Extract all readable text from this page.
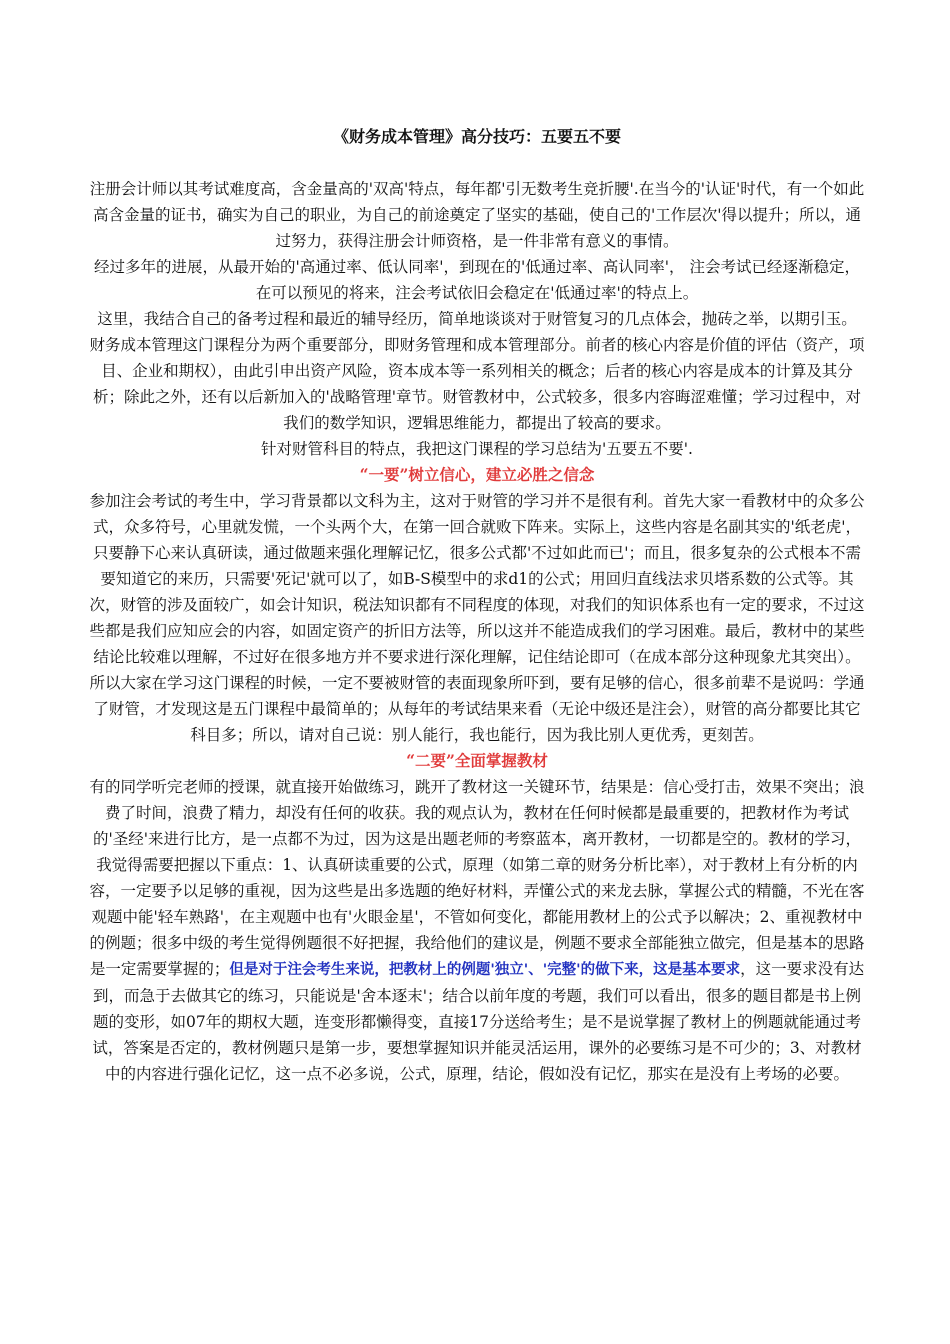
《财务成本管理》高分技巧：五要五不要

注册会计师以其考试难度高，含金量高的'双高'特点，每年都'引无数考生竞折腰'.在当今的'认证'时代，有一个如此高含金量的证书，确实为自己的职业，为自己的前途奠定了坚实的基础，使自己的'工作层次'得以提升；所以，通过努力，获得注册会计师资格，是一件非常有意义的事情。

经过多年的进展，从最开始的'高通过率、低认同率'，到现在的'低通过率、高认同率'， 注会考试已经逐渐稳定，在可以预见的将来，注会考试依旧会稳定在'低通过率'的特点上。

这里，我结合自己的备考过程和最近的辅导经历，简单地谈谈对于财管复习的几点体会，抛砖之举，以期引玉。

财务成本管理这门课程分为两个重要部分，即财务管理和成本管理部分。前者的核心内容是价值的评估（资产，项目、企业和期权），由此引申出资产风险，资本成本等一系列相关的概念；后者的核心内容是成本的计算及其分析；除此之外，还有以后新加入的'战略管理'章节。财管教材中，公式较多，很多内容晦涩难懂；学习过程中，对我们的数学知识，逻辑思维能力，都提出了较高的要求。

针对财管科目的特点，我把这门课程的学习总结为'五要五不要'.

“一要”树立信心，建立必胜之信念

参加注会考试的考生中，学习背景都以文科为主，这对于财管的学习并不是很有利。首先大家一看教材中的众多公式，众多符号，心里就发慌，一个头两个大，在第一回合就败下阵来。实际上，这些内容是名副其实的'纸老虎'，只要静下心来认真研读，通过做题来强化理解记忆，很多公式都'不过如此而已'；而且，很多复杂的公式根本不需要知道它的来历，只需要'死记'就可以了，如B-S模型中的求d1的公式；用回归直线法求贝塔系数的公式等。其次，财管的涉及面较广，如会计知识，税法知识都有不同程度的体现，对我们的知识体系也有一定的要求，不过这些都是我们应知应会的内容，如固定资产的折旧方法等，所以这并不能造成我们的学习困难。最后，教材中的某些结论比较难以理解，不过好在很多地方并不要求进行深化理解，记住结论即可（在成本部分这种现象尤其突出）。所以大家在学习这门课程的时候，一定不要被财管的表面现象所吓到，要有足够的信心，很多前辈不是说吗：学通了财管，才发现这是五门课程中最简单的；从每年的考试结果来看（无论中级还是注会），财管的高分都要比其它科目多；所以，请对自己说：别人能行，我也能行，因为我比别人更优秀，更刻苦。

“二要”全面掌握教材

有的同学听完老师的授课，就直接开始做练习，跳开了教材这一关键环节，结果是：信心受打击，效果不突出；浪费了时间，浪费了精力，却没有任何的收获。我的观点认为，教材在任何时候都是最重要的，把教材作为考试的'圣经'来进行比方，是一点都不为过，因为这是出题老师的考察蓝本，离开教材，一切都是空的。教材的学习，我觉得需要把握以下重点：1、认真研读重要的公式，原理（如第二章的财务分析比率），对于教材上有分析的内容，一定要予以足够的重视，因为这些是出多选题的绝好材料，弄懂公式的来龙去脉，掌握公式的精髓，不光在客观题中能'轻车熟路'，在主观题中也有'火眼金星'，不管如何变化，都能用教材上的公式予以解决；2、重视教材中的例题；很多中级的考生觉得例题很不好把握，我给他们的建议是，例题不要求全部能独立做完，但是基本的思路是一定需要掌握的；但是对于注会考生来说，把教材上的例题'独立'、'完整'的做下来，这是基本要求，这一要求没有达到，而急于去做其它的练习，只能说是'舍本逐末'；结合以前年度的考题，我们可以看出，很多的题目都是书上例题的变形，如07年的期权大题，连变形都懒得变，直接17分送给考生；是不是说掌握了教材上的例题就能通过考试，答案是否定的，教材例题只是第一步，要想掌握知识并能灵活运用，课外的必要练习是不可少的；3、对教材中的内容进行强化记忆，这一点不必多说，公式，原理，结论，假如没有记忆，那实在是没有上考场的必要。
